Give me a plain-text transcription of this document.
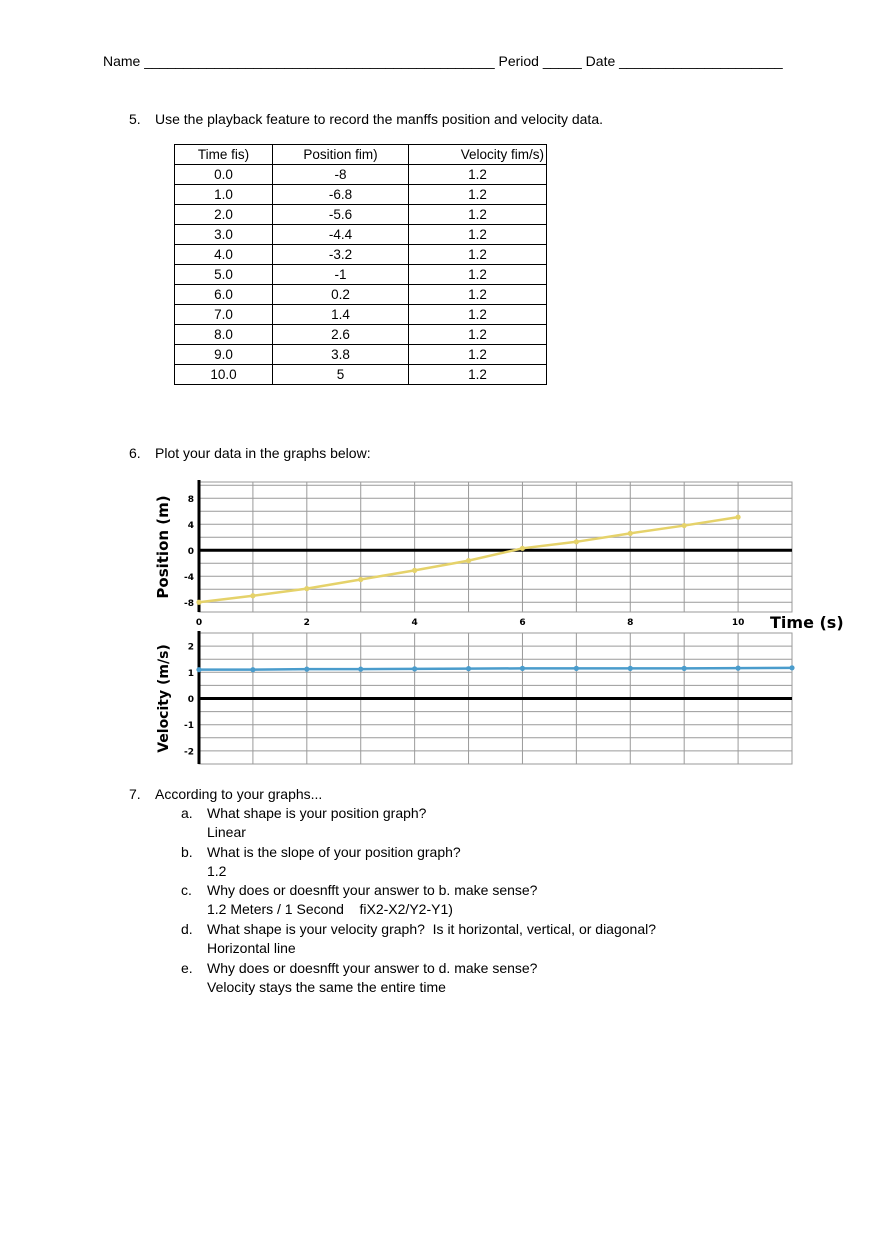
Name _____________________________________________ Period _____ Date _____________________
5. Use the playback feature to record the manffs position and velocity data.
Time fis)	Position fim)	Velocity fim/s)
0.0	-8	1.2
1.0	-6.8	1.2
2.0	-5.6	1.2
3.0	-4.4	1.2
4.0	-3.2	1.2
5.0	-1	1.2
6.0	0.2	1.2
7.0	1.4	1.2
8.0	2.6	1.2
9.0	3.8	1.2
10.0	5	1.2
6. Plot your data in the graphs below:
8
4
0
-4
-8
Position (m)
0	2	4	6	8	10 Time (s)
2
1
0
-1
-2
Velocity (m/s)
7. According to your graphs...
a. What shape is your position graph?
Linear
b. What is the slope of your position graph?
1.2
c. Why does or doesnfft your answer to b. make sense?
1.2 Meters / 1 Second    fiX2-X2/Y2-Y1)
d. What shape is your velocity graph?  Is it horizontal, vertical, or diagonal?
Horizontal line
e. Why does or doesnfft your answer to d. make sense?
Velocity stays the same the entire time
